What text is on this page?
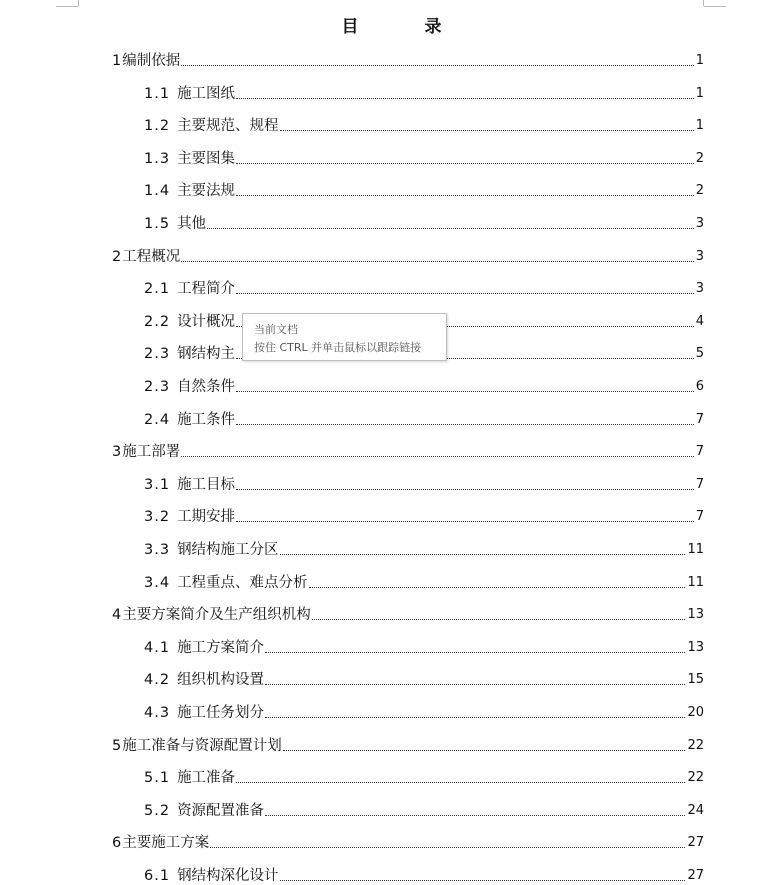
目 录
1 编制依据	1
1.1 施工图纸	1
1.2 主要规范、规程	1
1.3 主要图集	2
1.4 主要法规	2
1.5 其他	3
2 工程概况	3
2.1 工程简介	3
2.2 设计概况	4
2.3 钢结构主	5
2.3 自然条件	6
2.4 施工条件	7
3 施工部署	7
3.1 施工目标	7
3.2 工期安排	7
3.3 钢结构施工分区	11
3.4 工程重点、难点分析	11
4 主要方案简介及生产组织机构	13
4.1 施工方案简介	13
4.2 组织机构设置	15
4.3 施工任务划分	20
5 施工准备与资源配置计划	22
5.1 施工准备	22
5.2 资源配置准备	24
6 主要施工方案	27
6.1 钢结构深化设计	27
当前文档
按住 CTRL 并单击鼠标以跟踪链接
